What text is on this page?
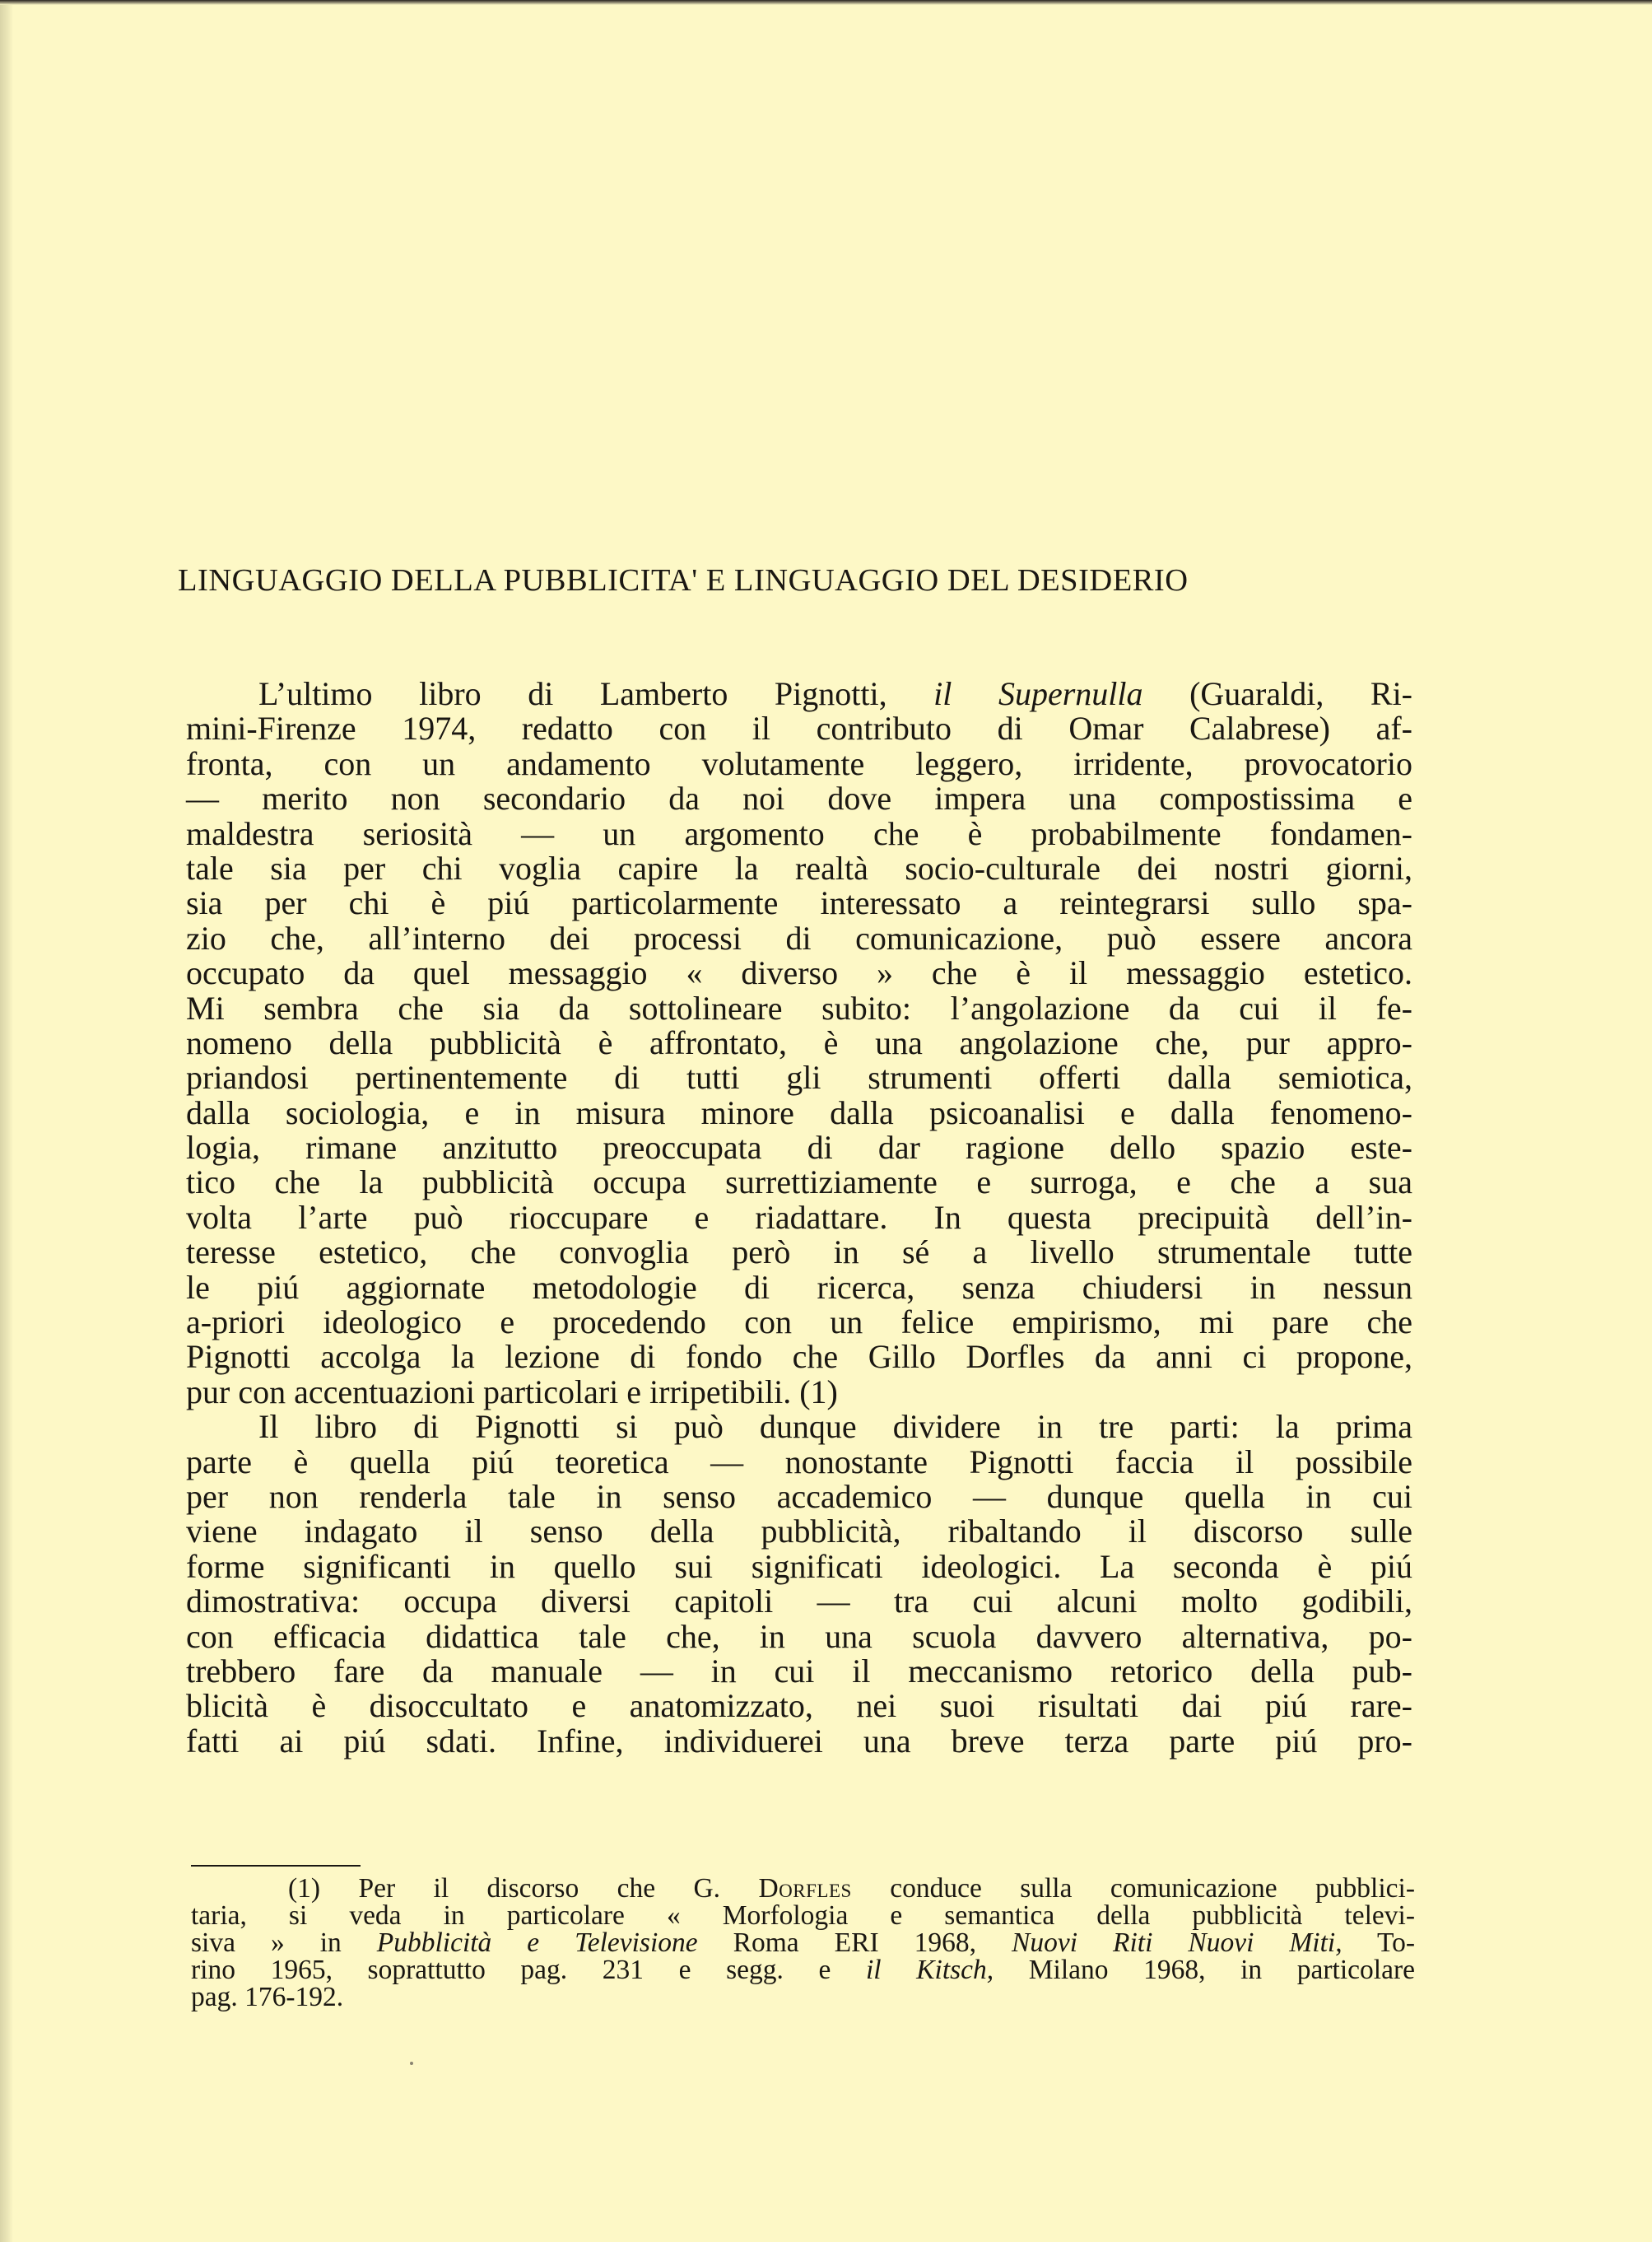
LINGUAGGIO DELLA PUBBLICITA' E LINGUAGGIO DEL DESIDERIO
L’ultimo libro di Lamberto Pignotti, il Supernulla (Guaraldi, Ri-
mini-Firenze 1974, redatto con il contributo di Omar Calabrese) af-
fronta, con un andamento volutamente leggero, irridente, provocatorio
— merito non secondario da noi dove impera una compostissima e
maldestra seriosità — un argomento che è probabilmente fondamen-
tale sia per chi voglia capire la realtà socio-culturale dei nostri giorni,
sia per chi è piú particolarmente interessato a reintegrarsi sullo spa-
zio che, all’interno dei processi di comunicazione, può essere ancora
occupato da quel messaggio « diverso » che è il messaggio estetico.
Mi sembra che sia da sottolineare subito: l’angolazione da cui il fe-
nomeno della pubblicità è affrontato, è una angolazione che, pur appro-
priandosi pertinentemente di tutti gli strumenti offerti dalla semiotica,
dalla sociologia, e in misura minore dalla psicoanalisi e dalla fenomeno-
logia, rimane anzitutto preoccupata di dar ragione dello spazio este-
tico che la pubblicità occupa surrettiziamente e surroga, e che a sua
volta l’arte può rioccupare e riadattare. In questa precipuità dell’in-
teresse estetico, che convoglia però in sé a livello strumentale tutte
le piú aggiornate metodologie di ricerca, senza chiudersi in nessun
a-priori ideologico e procedendo con un felice empirismo, mi pare che
Pignotti accolga la lezione di fondo che Gillo Dorfles da anni ci propone,
pur con accentuazioni particolari e irripetibili. (1)
Il libro di Pignotti si può dunque dividere in tre parti: la prima
parte è quella piú teoretica — nonostante Pignotti faccia il possibile
per non renderla tale in senso accademico — dunque quella in cui
viene indagato il senso della pubblicità, ribaltando il discorso sulle
forme significanti in quello sui significati ideologici. La seconda è piú
dimostrativa: occupa diversi capitoli — tra cui alcuni molto godibili,
con efficacia didattica tale che, in una scuola davvero alternativa, po-
trebbero fare da manuale — in cui il meccanismo retorico della pub-
blicità è disoccultato e anatomizzato, nei suoi risultati dai piú rare-
fatti ai piú sdati. Infine, individuerei una breve terza parte piú pro-
(1) Per il discorso che G. Dorfles conduce sulla comunicazione pubblici-
taria, si veda in particolare « Morfologia e semantica della pubblicità televi-
siva » in Pubblicità e Televisione Roma ERI 1968, Nuovi Riti Nuovi Miti, To-
rino 1965, soprattutto pag. 231 e segg. e il Kitsch, Milano 1968, in particolare
pag. 176-192.
